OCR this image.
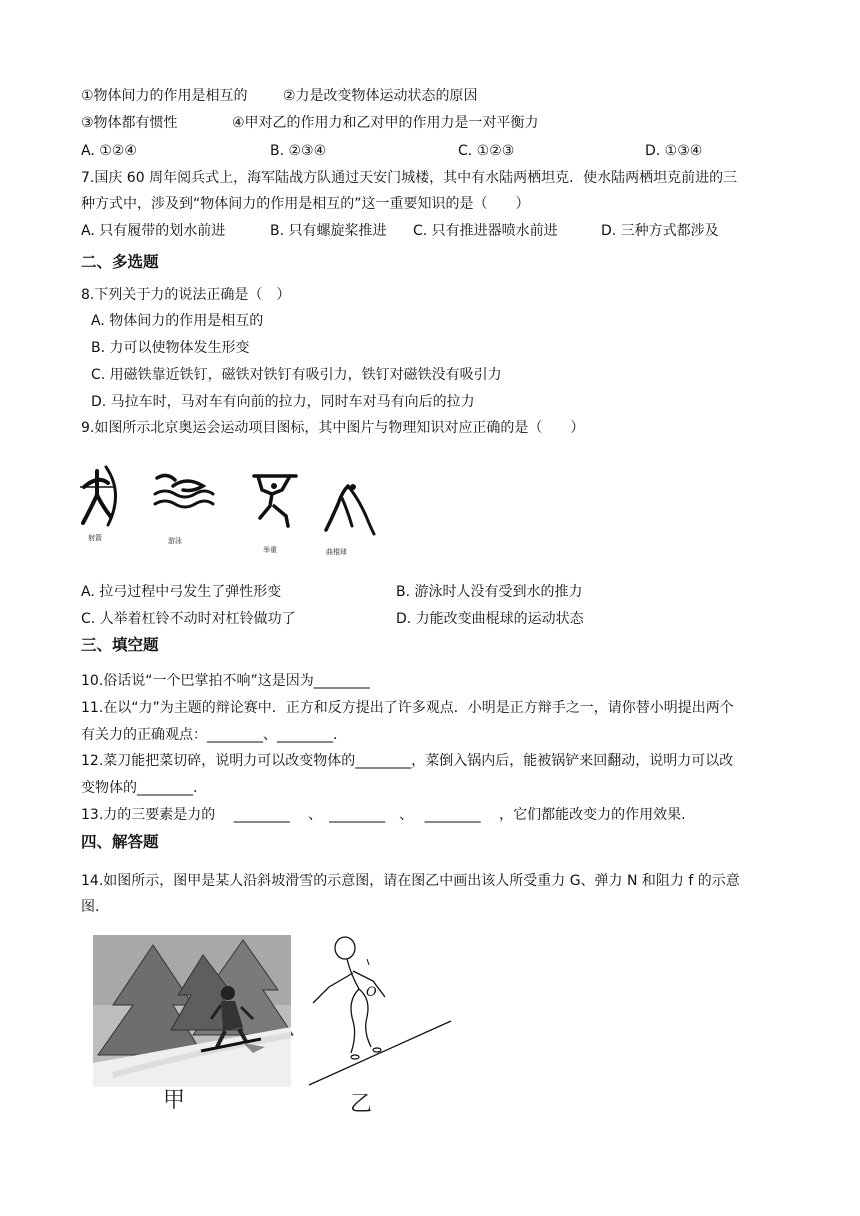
①物体间力的作用是相互的	②力是改变物体运动状态的原因
③物体都有惯性	④甲对乙的作用力和乙对甲的作用力是一对平衡力
A. ①②④	B. ②③④	C. ①②③	D. ①③④
7.国庆 60 周年阅兵式上，海军陆战方队通过天安门城楼，其中有水陆两栖坦克．使水陆两栖坦克前进的三
种方式中，涉及到“物体间力的作用是相互的”这一重要知识的是（　　）
A. 只有履带的划水前进	B. 只有螺旋桨推进 C. 只有推进器喷水前进	D. 三种方式都涉及
二、多选题
8.下列关于力的说法正确是（　）
A. 物体间力的作用是相互的
B. 力可以使物体发生形变
C. 用磁铁靠近铁钉，磁铁对铁钉有吸引力，铁钉对磁铁没有吸引力
D. 马拉车时，马对车有向前的拉力，同时车对马有向后的拉力
9.如图所示北京奥运会运动项目图标，其中图片与物理知识对应正确的是（　　）
射箭	游泳
举重	曲棍球
A. 拉弓过程中弓发生了弹性形变	B. 游泳时人没有受到水的推力
C. 人举着杠铃不动时对杠铃做功了	D. 力能改变曲棍球的运动状态
三、填空题
10.俗话说“一个巴掌拍不响”这是因为________
11.在以“力”为主题的辩论赛中．正方和反方提出了许多观点．小明是正方辩手之一，请你替小明提出两个
有关力的正确观点：________、________．
12.菜刀能把菜切碎，说明力可以改变物体的________，菜倒入锅内后，能被锅铲来回翻动，说明力可以改
变物体的________.
13.力的三要素是力的　 ________　 、　________　、　 ________　 ，它们都能改变力的作用效果.
四、解答题
14.如图所示，图甲是某人沿斜坡滑雪的示意图，请在图乙中画出该人所受重力 G、弹力 N 和阻力 f 的示意
图.
甲
O
乙
